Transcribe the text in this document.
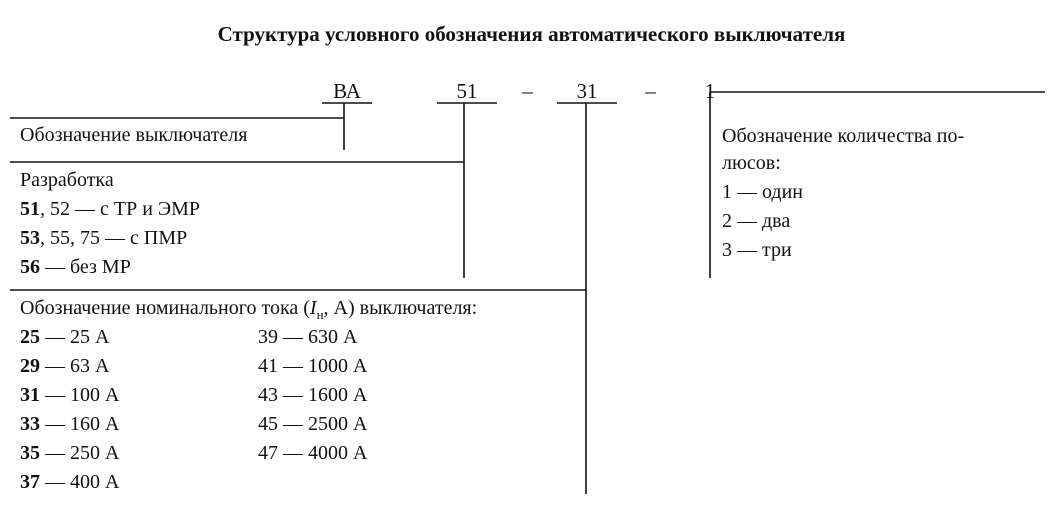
Структура условного обозначения автоматического выключателя
ВА	51	–	31	–	1
Обозначение выключателя
Разработка
51, 52 — с ТР и ЭМР
53, 55, 75 — с ПМР
56 — без МР
Обозначение номинального тока ($I_н$, А) выключателя:
25 — 25 А
29 — 63 А
31 — 100 А
33 — 160 А
35 — 250 А
37 — 400 А
39 — 630 А
41 — 1000 А
43 — 1600 А
45 — 2500 А
47 — 4000 А
Обозначение количества по-
люсов:
1 — один
2 — два
3 — три
